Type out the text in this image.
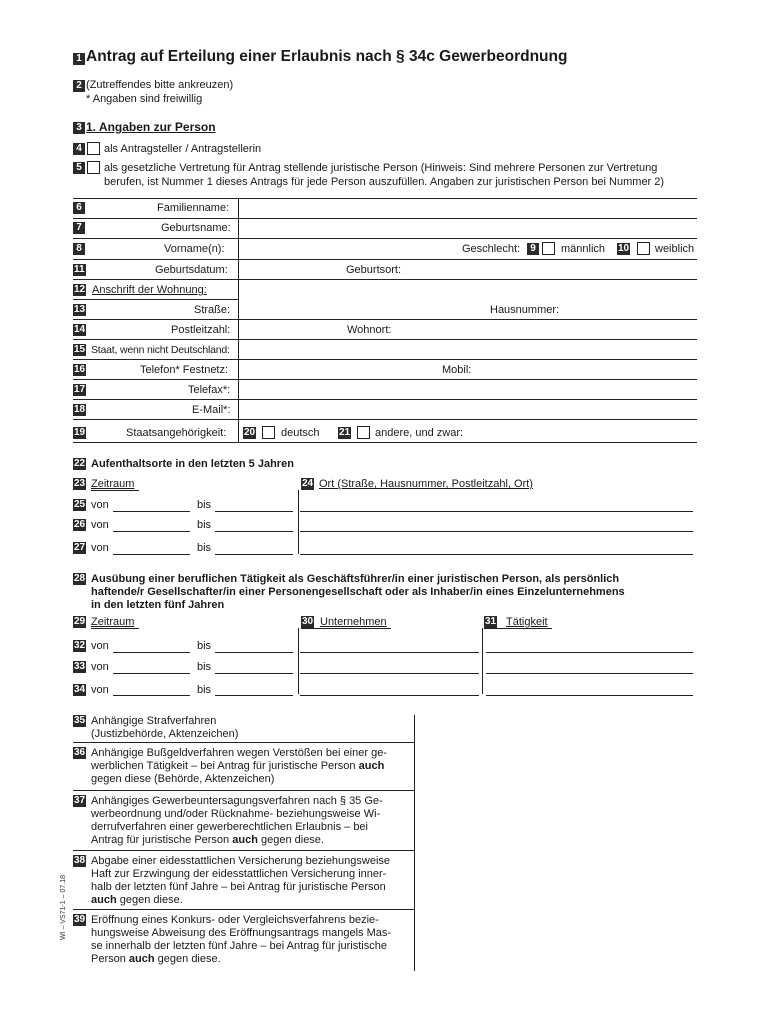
1 Antrag auf Erteilung einer Erlaubnis nach § 34c Gewerbeordnung
2 (Zutreffendes bitte ankreuzen)
* Angaben sind freiwillig
3 1. Angaben zur Person
4 als Antragsteller / Antragstellerin
5 als gesetzliche Vertretung für Antrag stellende juristische Person (Hinweis: Sind mehrere Personen zur Vertretung
berufen, ist Nummer 1 dieses Antrags für jede Person auszufüllen. Angaben zur juristischen Person bei Nummer 2)
6	Familienname:
7	Geburtsname:
8	Vorname(n):	Geschlecht:	9 männlich 10 weiblich
11	Geburtsdatum:	Geburtsort:
12 Anschrift der Wohnung:
13	Straße:	Hausnummer:
14	Postleitzahl:	Wohnort:
15 Staat, wenn nicht Deutschland:
16	Telefon* Festnetz:	Mobil:
17	Telefax*:
18	E-Mail*:
19	Staatsangehörigkeit: 20 deutsch 21 andere, und zwar:
22 Aufenthaltsorte in den letzten 5 Jahren
23 Zeitraum	24 Ort (Straße, Hausnummer, Postleitzahl, Ort)
25 von	bis
26 von	bis
27 von	bis
28 Ausübung einer beruflichen Tätigkeit als Geschäftsführer/in einer juristischen Person, als persönlich
haftende/r Gesellschafter/in einer Personengesellschaft oder als Inhaber/in eines Einzelunternehmens
in den letzten fünf Jahren
29 Zeitraum	30 Unternehmen	31 Tätigkeit
32 von	bis
33 von	bis
34 von	bis
35 Anhängige Strafverfahren
(Justizbehörde, Aktenzeichen)
36 Anhängige Bußgeldverfahren wegen Verstößen bei einer ge-
werblichen Tätigkeit – bei Antrag für juristische Person auch
gegen diese (Behörde, Aktenzeichen)
37 Anhängiges Gewerbeuntersagungsverfahren nach § 35 Ge-
werbeordnung und/oder Rücknahme- beziehungsweise Wi-
derrufverfahren einer gewerberechtlichen Erlaubnis – bei
Antrag für juristische Person auch gegen diese.
38 Abgabe einer eidesstattlichen Versicherung beziehungsweise
Haft zur Erzwingung der eidesstattlichen Versicherung inner-
halb der letzten fünf Jahre – bei Antrag für juristische Person
auch gegen diese.
39 Eröffnung eines Konkurs- oder Vergleichsverfahrens bezie-
hungsweise Abweisung des Eröffnungsantrags mangels Mas-
se innerhalb der letzten fünf Jahre – bei Antrag für juristische
Person auch gegen diese.
WI – VS71-1 – 07.18
